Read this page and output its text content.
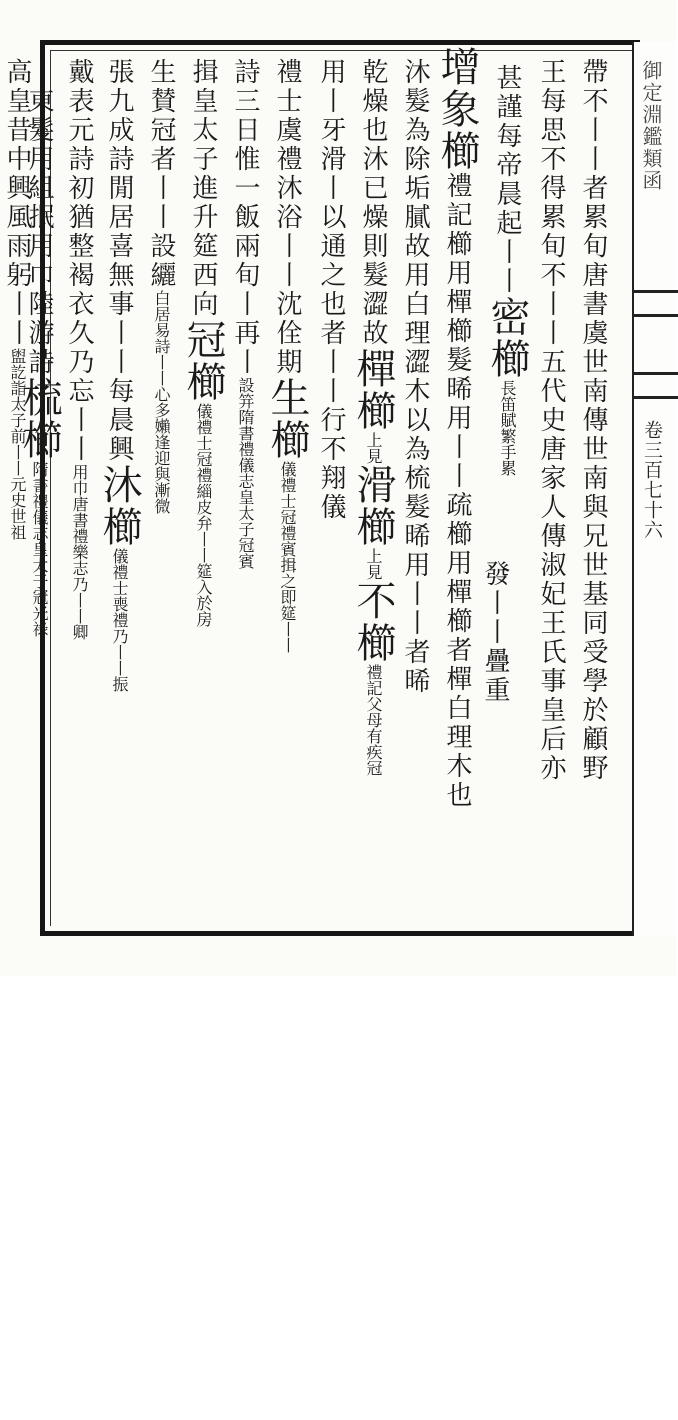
御定淵鑑類函
卷三百七十六
帶不丨丨者累旬唐書虞世南傳世南與兄世基同受學於顧野
王每思不得累旬不丨丨五代史唐家人傳淑妃王氏事皇后亦
甚謹每帝晨起丨丨密櫛長笛賦繁手累
發丨丨疊重
增象櫛禮記櫛用樿櫛髮晞用丨丨疏櫛用樿櫛者樿白理木也
沐髮為除垢膩故用白理澀木以為梳髮晞用丨丨者晞
乾燥也沐已燥則髮澀故樿櫛上見滑櫛上見不櫛禮記父母有疾冠
用丨牙滑丨以通之也者丨丨行不翔儀
禮士虞禮沐浴丨丨沈佺期生櫛儀禮士冠禮賓揖之即筵丨丨
詩三日惟一飯兩旬丨再丨設笄隋書禮儀志皇太子冠賓
揖皇太子進升筵西向冠櫛儀禮士冠禮緇皮弁丨丨筵入於房
生賛冠者丨丨設纚白居易詩丨丨心多嬾逢迎與漸微
張九成詩閒居喜無事丨丨每晨興沐櫛儀禮士喪禮乃丨丨振
戴表元詩初猶整褐衣久乃忘丨丨用巾唐書禮樂志乃丨丨卿
丨東髮用組抿用巾陸游詩梳櫛隋書禮儀志皇太子冠光祿
高皇昔中興風雨躬丨丨盥訖詣太子前丨丨元史世祖
